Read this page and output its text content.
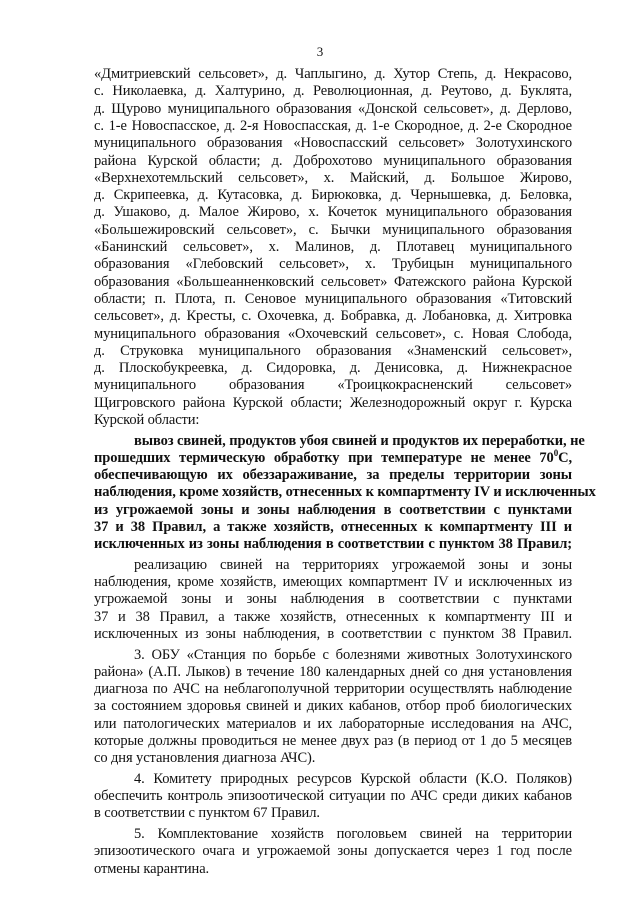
3
«Дмитриевский сельсовет», д. Чаплыгино, д. Хутор Степь, д. Некрасово,
с. Николаевка, д. Халтурино, д. Революционная, д. Реутово, д. Буклята,
д. Щурово муниципального образования «Донской сельсовет», д. Дерлово,
с. 1-е Новоспасское, д. 2-я Новоспасская, д. 1-е Скородное, д. 2-е Скородное
муниципального образования «Новоспасский сельсовет» Золотухинского
района Курской области; д. Доброхотово муниципального образования
«Верхнехотемльский сельсовет», х. Майский, д. Большое Жирово,
д. Скрипеевка, д. Кутасовка, д. Бирюковка, д. Чернышевка, д. Беловка,
д. Ушаково, д. Малое Жирово, х. Кочеток муниципального образования
«Большежировский сельсовет», с. Бычки муниципального образования
«Банинский сельсовет», х. Малинов, д. Плотавец муниципального
образования «Глебовский сельсовет», х. Трубицын муниципального
образования «Большеанненковский сельсовет» Фатежского района Курской
области; п. Плота, п. Сеновое муниципального образования «Титовский
сельсовет», д. Кресты, с. Охочевка, д. Бобравка, д. Лобановка, д. Хитровка
муниципального образования «Охочевский сельсовет», с. Новая Слобода,
д. Струковка муниципального образования «Знаменский сельсовет»,
д. Плоскобукреевка, д. Сидоровка, д. Денисовка, д. Нижнекрасное
муниципального образования «Троицкокрасненский сельсовет»
Щигровского района Курской области; Железнодорожный округ г. Курска
Курской области:
вывоз свиней, продуктов убоя свиней и продуктов их переработки, не
прошедших термическую обработку при температуре не менее $70^0С$,
обеспечивающую их обеззараживание, за пределы территории зоны
наблюдения, кроме хозяйств, отнесенных к компартменту IV и исключенных
из угрожаемой зоны и зоны наблюдения в соответствии с пунктами
37 и 38 Правил, а также хозяйств, отнесенных к компартменту III и
исключенных из зоны наблюдения в соответствии с пунктом 38 Правил;
реализацию свиней на территориях угрожаемой зоны и зоны
наблюдения, кроме хозяйств, имеющих компартмент IV и исключенных из
угрожаемой зоны и зоны наблюдения в соответствии с пунктами
37 и 38 Правил, а также хозяйств, отнесенных к компартменту III и
исключенных из зоны наблюдения, в соответствии с пунктом 38 Правил.
3. ОБУ «Станция по борьбе с болезнями животных Золотухинского
района» (А.П. Лыков) в течение 180 календарных дней со дня установления
диагноза по АЧС на неблагополучной территории осуществлять наблюдение
за состоянием здоровья свиней и диких кабанов, отбор проб биологических
или патологических материалов и их лабораторные исследования на АЧС,
которые должны проводиться не менее двух раз (в период от 1 до 5 месяцев
со дня установления диагноза АЧС).
4. Комитету природных ресурсов Курской области (К.О. Поляков)
обеспечить контроль эпизоотической ситуации по АЧС среди диких кабанов
в соответствии с пунктом 67 Правил.
5. Комплектование хозяйств поголовьем свиней на территории
эпизоотического очага и угрожаемой зоны допускается через 1 год после
отмены карантина.
